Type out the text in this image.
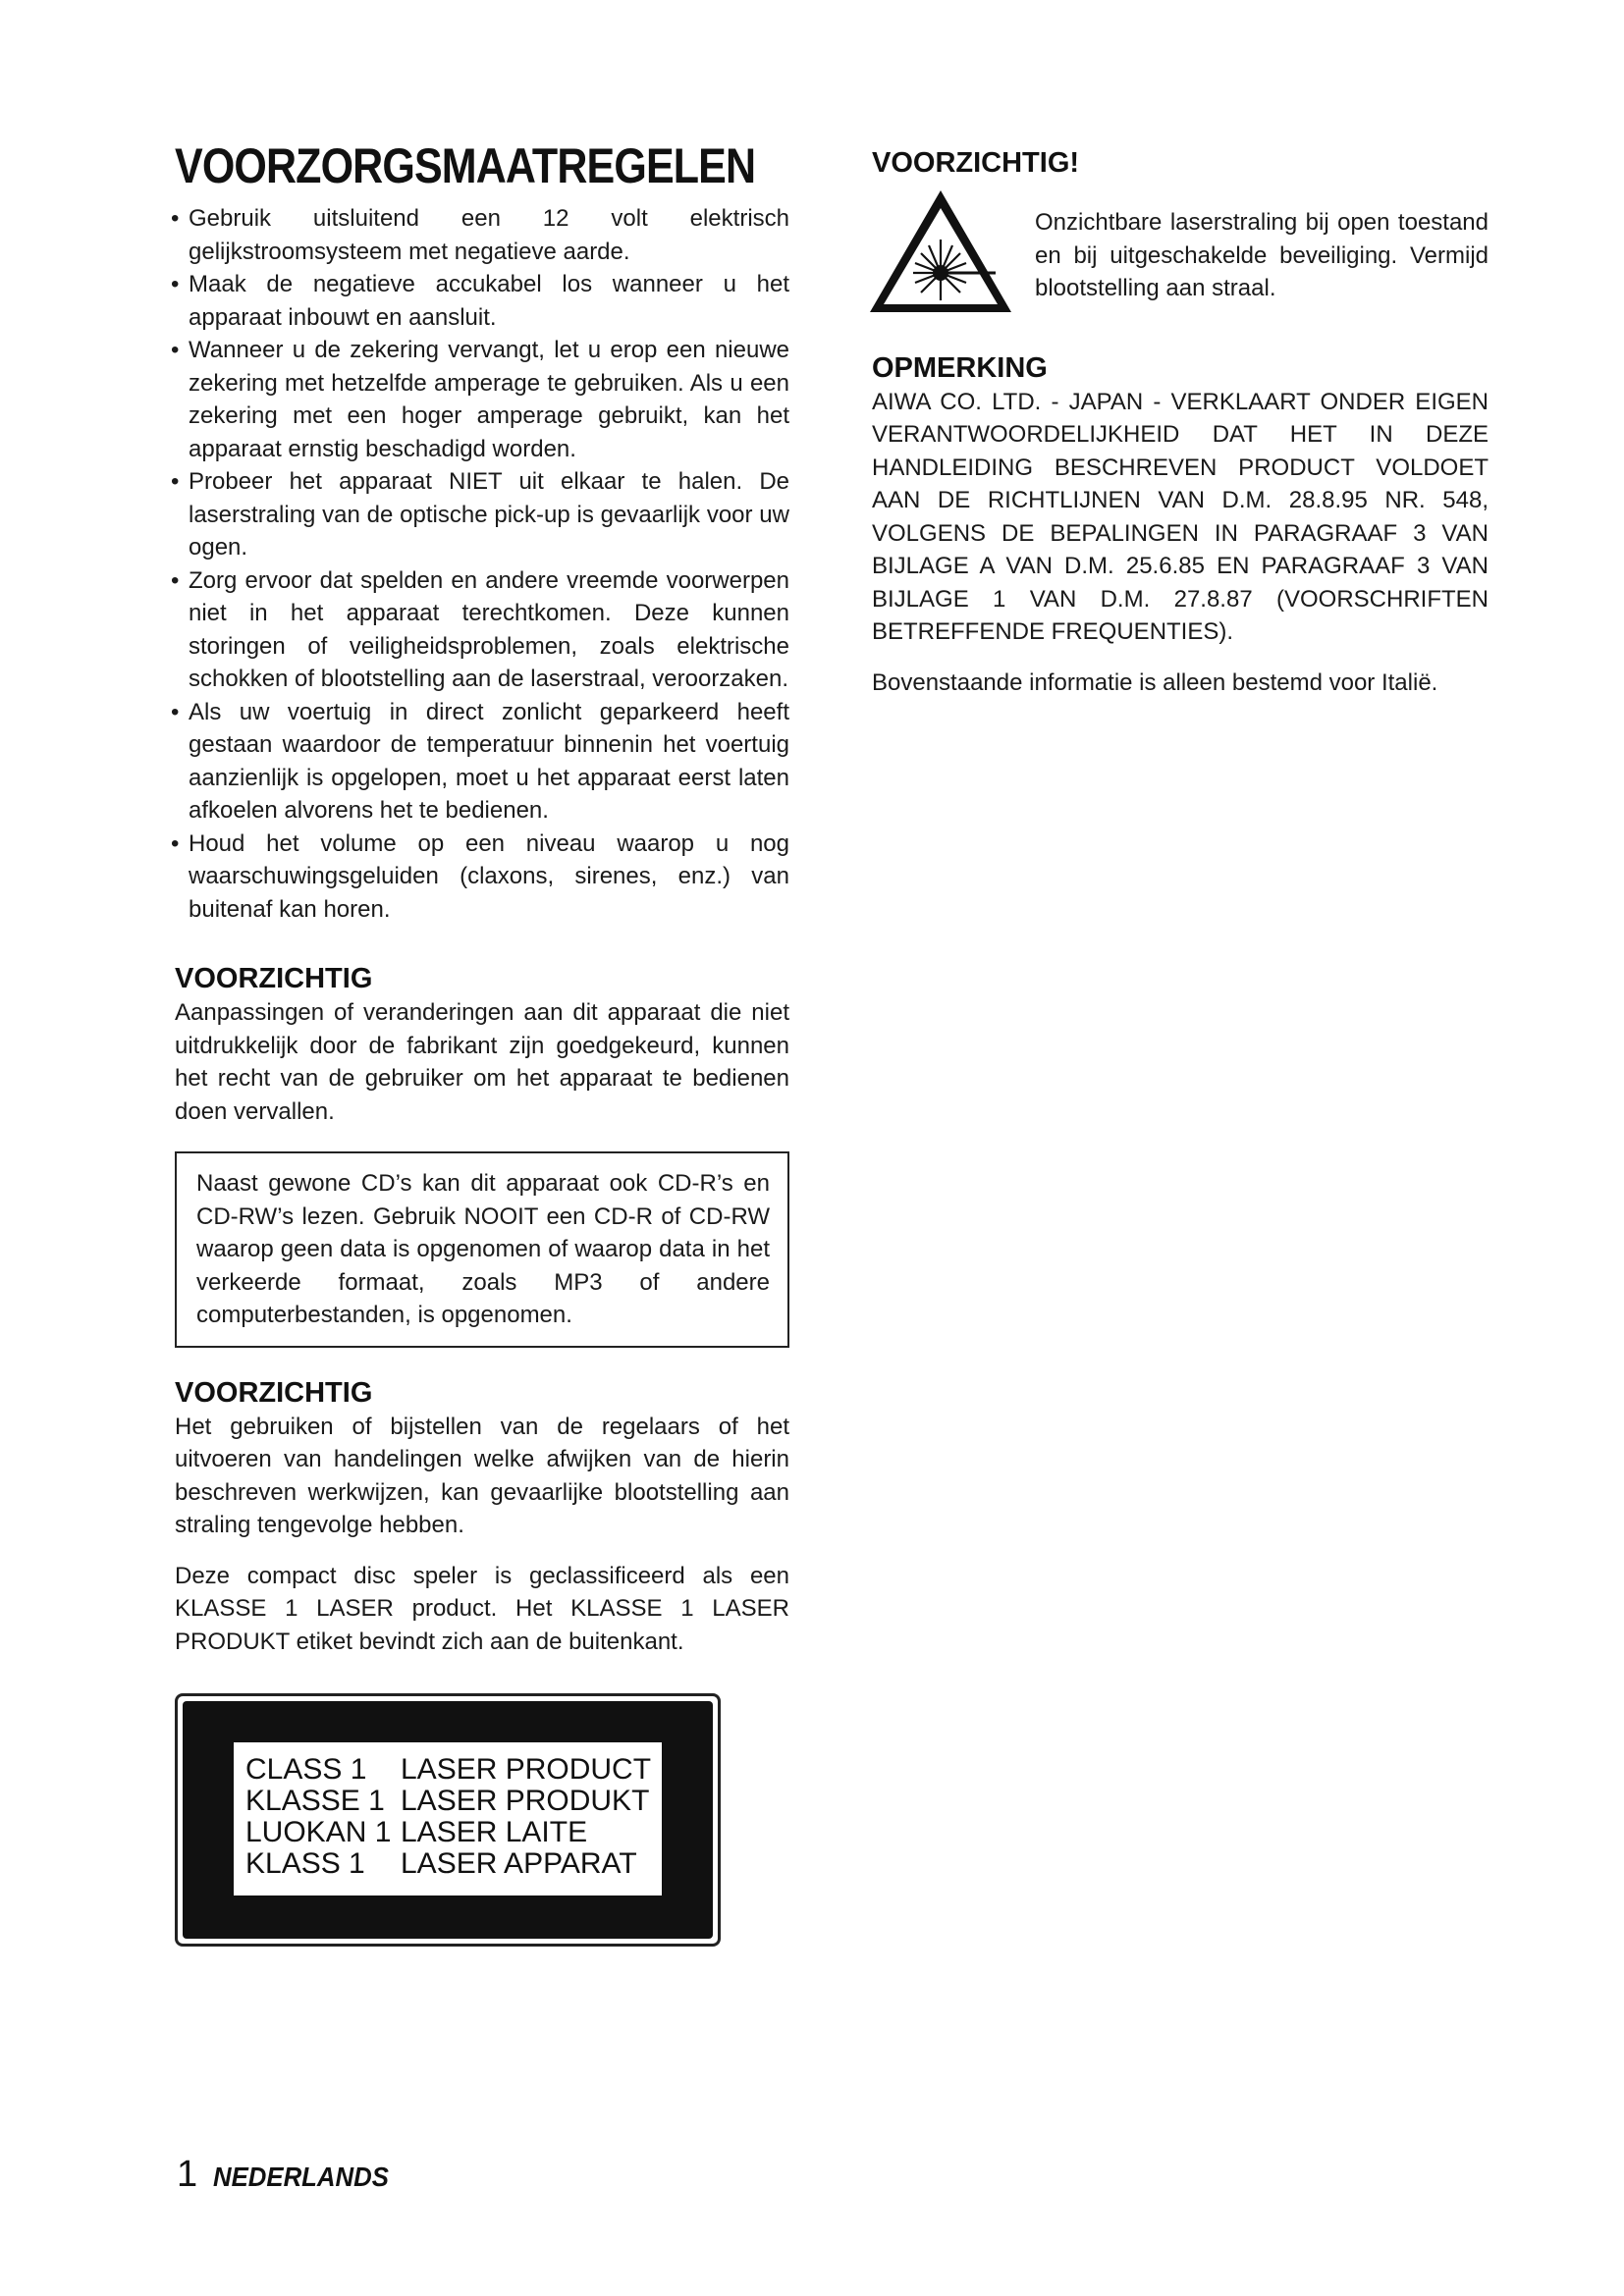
VOORZORGSMAATREGELEN
• Gebruik uitsluitend een 12 volt elektrisch gelijkstroomsysteem met negatieve aarde.
• Maak de negatieve accukabel los wanneer u het apparaat inbouwt en aansluit.
• Wanneer u de zekering vervangt, let u erop een nieuwe zekering met hetzelfde amperage te gebruiken. Als u een zekering met een hoger amperage gebruikt, kan het apparaat ernstig beschadigd worden.
• Probeer het apparaat NIET uit elkaar te halen. De laserstraling van de optische pick-up is gevaarlijk voor uw ogen.
• Zorg ervoor dat spelden en andere vreemde voorwerpen niet in het apparaat terechtkomen. Deze kunnen storingen of veiligheidsproblemen, zoals elektrische schokken of blootstelling aan de laserstraal, veroorzaken.
• Als uw voertuig in direct zonlicht geparkeerd heeft gestaan waardoor de temperatuur binnenin het voertuig aanzienlijk is opgelopen, moet u het apparaat eerst laten afkoelen alvorens het te bedienen.
• Houd het volume op een niveau waarop u nog waarschuwingsgeluiden (claxons, sirenes, enz.) van buitenaf kan horen.
VOORZICHTIG

Aanpassingen of veranderingen aan dit apparaat die niet uitdrukkelijk door de fabrikant zijn goedgekeurd, kunnen het recht van de gebruiker om het apparaat te bedienen doen vervallen.

Naast gewone CD’s kan dit apparaat ook CD-R’s en CD-RW’s lezen. Gebruik NOOIT een CD-R of CD-RW waarop geen data is opgenomen of waarop data in het verkeerde formaat, zoals MP3 of andere computerbestanden, is opgenomen.

VOORZICHTIG

Het gebruiken of bijstellen van de regelaars of het uitvoeren van handelingen welke afwijken van de hierin beschreven werkwijzen, kan gevaarlijke blootstelling aan straling tengevolge hebben.

Deze compact disc speler is geclassificeerd als een KLASSE 1 LASER product. Het KLASSE 1 LASER PRODUKT etiket bevindt zich aan de buitenkant.

CLASS 1	LASER PRODUCT
KLASSE 1 LASER PRODUKT
LUOKAN 1 LASER LAITE
KLASS 1	LASER APPARAT
VOORZICHTIG!

Onzichtbare laserstraling bij open toestand en bij uitgeschakelde beveiliging. Vermijd blootstelling aan straal.

OPMERKING

AIWA CO. LTD. - JAPAN - VERKLAART ONDER EIGEN VERANTWOORDELIJKHEID DAT HET IN DEZE HANDLEIDING BESCHREVEN PRODUCT VOLDOET AAN DE RICHTLIJNEN VAN D.M. 28.8.95 NR. 548, VOLGENS DE BEPALINGEN IN PARAGRAAF 3 VAN BIJLAGE A VAN D.M. 25.6.85 EN PARAGRAAF 3 VAN BIJLAGE 1 VAN D.M. 27.8.87 (VOORSCHRIFTEN BETREFFENDE FREQUENTIES).

Bovenstaande informatie is alleen bestemd voor Italië.

1 NEDERLANDS
